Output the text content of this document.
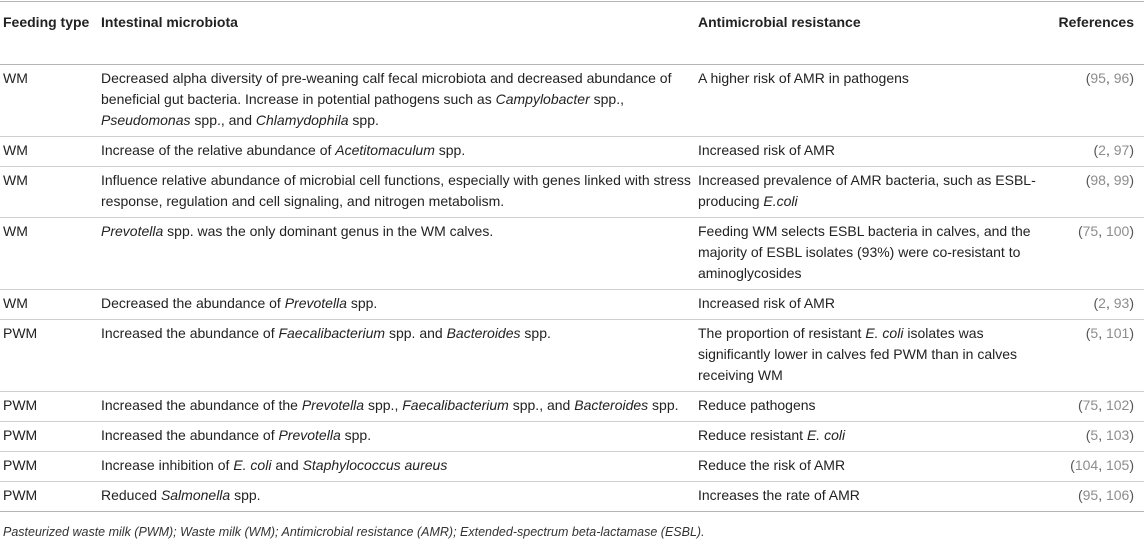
Feeding type	Intestinal microbiota	Antimicrobial resistance	References
WM	Decreased alpha diversity of pre-weaning calf fecal microbiota and decreased abundance of beneficial gut bacteria. Increase in potential pathogens such as Campylobacter spp., Pseudomonas spp., and Chlamydophila spp.	A higher risk of AMR in pathogens	(95, 96)
WM	Increase of the relative abundance of Acetitomaculum spp.	Increased risk of AMR	(2, 97)
WM	Influence relative abundance of microbial cell functions, especially with genes linked with stress response, regulation and cell signaling, and nitrogen metabolism.	Increased prevalence of AMR bacteria, such as ESBL-producing E.coli	(98, 99)
WM	Prevotella spp. was the only dominant genus in the WM calves.	Feeding WM selects ESBL bacteria in calves, and the majority of ESBL isolates (93%) were co-resistant to aminoglycosides	(75, 100)
WM	Decreased the abundance of Prevotella spp.	Increased risk of AMR	(2, 93)
PWM	Increased the abundance of Faecalibacterium spp. and Bacteroides spp.	The proportion of resistant E. coli isolates was significantly lower in calves fed PWM than in calves receiving WM	(5, 101)
PWM	Increased the abundance of the Prevotella spp., Faecalibacterium spp., and Bacteroides spp.	Reduce pathogens	(75, 102)
PWM	Increased the abundance of Prevotella spp.	Reduce resistant E. coli	(5, 103)
PWM	Increase inhibition of E. coli and Staphylococcus aureus	Reduce the risk of AMR	(104, 105)
PWM	Reduced Salmonella spp.	Increases the rate of AMR	(95, 106)
Pasteurized waste milk (PWM); Waste milk (WM); Antimicrobial resistance (AMR); Extended-spectrum beta-lactamase (ESBL).
